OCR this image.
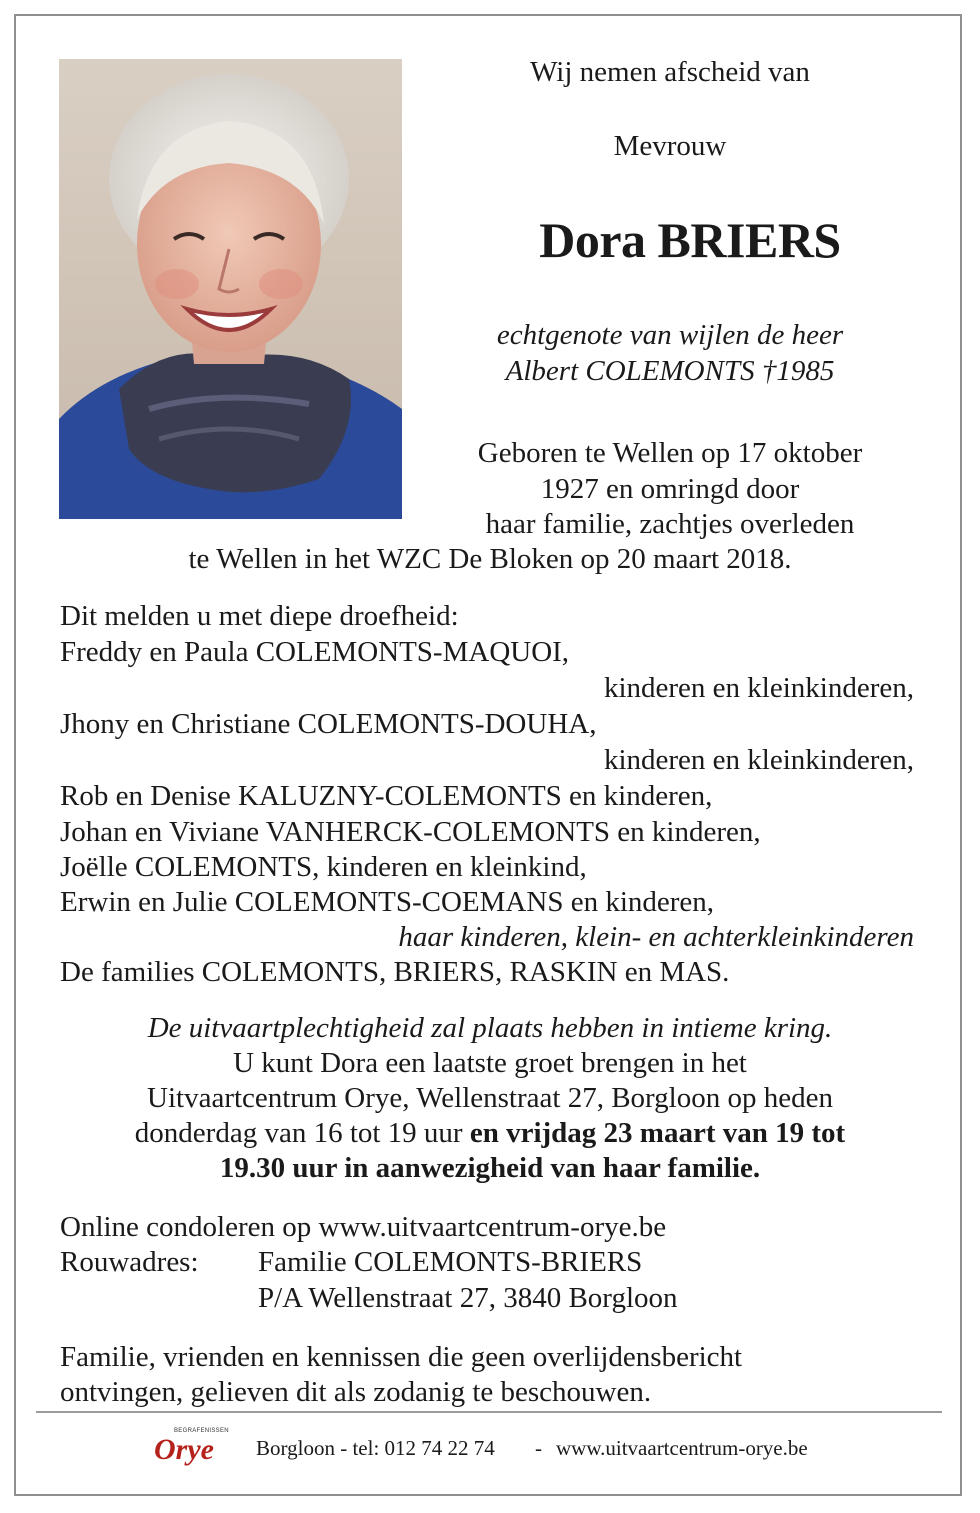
Wij nemen afscheid van
Mevrouw
Dora BRIERS
echtgenote van wijlen de heer
Albert COLEMONTS †1985
Geboren te Wellen op 17 oktober
1927 en omringd door
haar familie, zachtjes overleden
te Wellen in het WZC De Bloken op 20 maart 2018.
Dit melden u met diepe droefheid:
Freddy en Paula COLEMONTS-MAQUOI,
kinderen en kleinkinderen,
Jhony en Christiane COLEMONTS-DOUHA,
kinderen en kleinkinderen,
Rob en Denise KALUZNY-COLEMONTS en kinderen,
Johan en Viviane VANHERCK-COLEMONTS en kinderen,
Joëlle COLEMONTS, kinderen en kleinkind,
Erwin en Julie COLEMONTS-COEMANS en kinderen,
haar kinderen, klein- en achterkleinkinderen
De families COLEMONTS, BRIERS, RASKIN en MAS.
De uitvaartplechtigheid zal plaats hebben in intieme kring.
U kunt Dora een laatste groet brengen in het
Uitvaartcentrum Orye, Wellenstraat 27, Borgloon op heden
donderdag van 16 tot 19 uur en vrijdag 23 maart van 19 tot
19.30 uur in aanwezigheid van haar familie.
Online condoleren op www.uitvaartcentrum-orye.be
Rouwadres: Familie COLEMONTS-BRIERS
P/A Wellenstraat 27, 3840 Borgloon
Familie, vrienden en kennissen die geen overlijdensbericht
ontvingen, gelieven dit als zodanig te beschouwen.
BEGRAFENISSEN
Orye Borgloon - tel: 012 74 22 74 - www.uitvaartcentrum-orye.be
